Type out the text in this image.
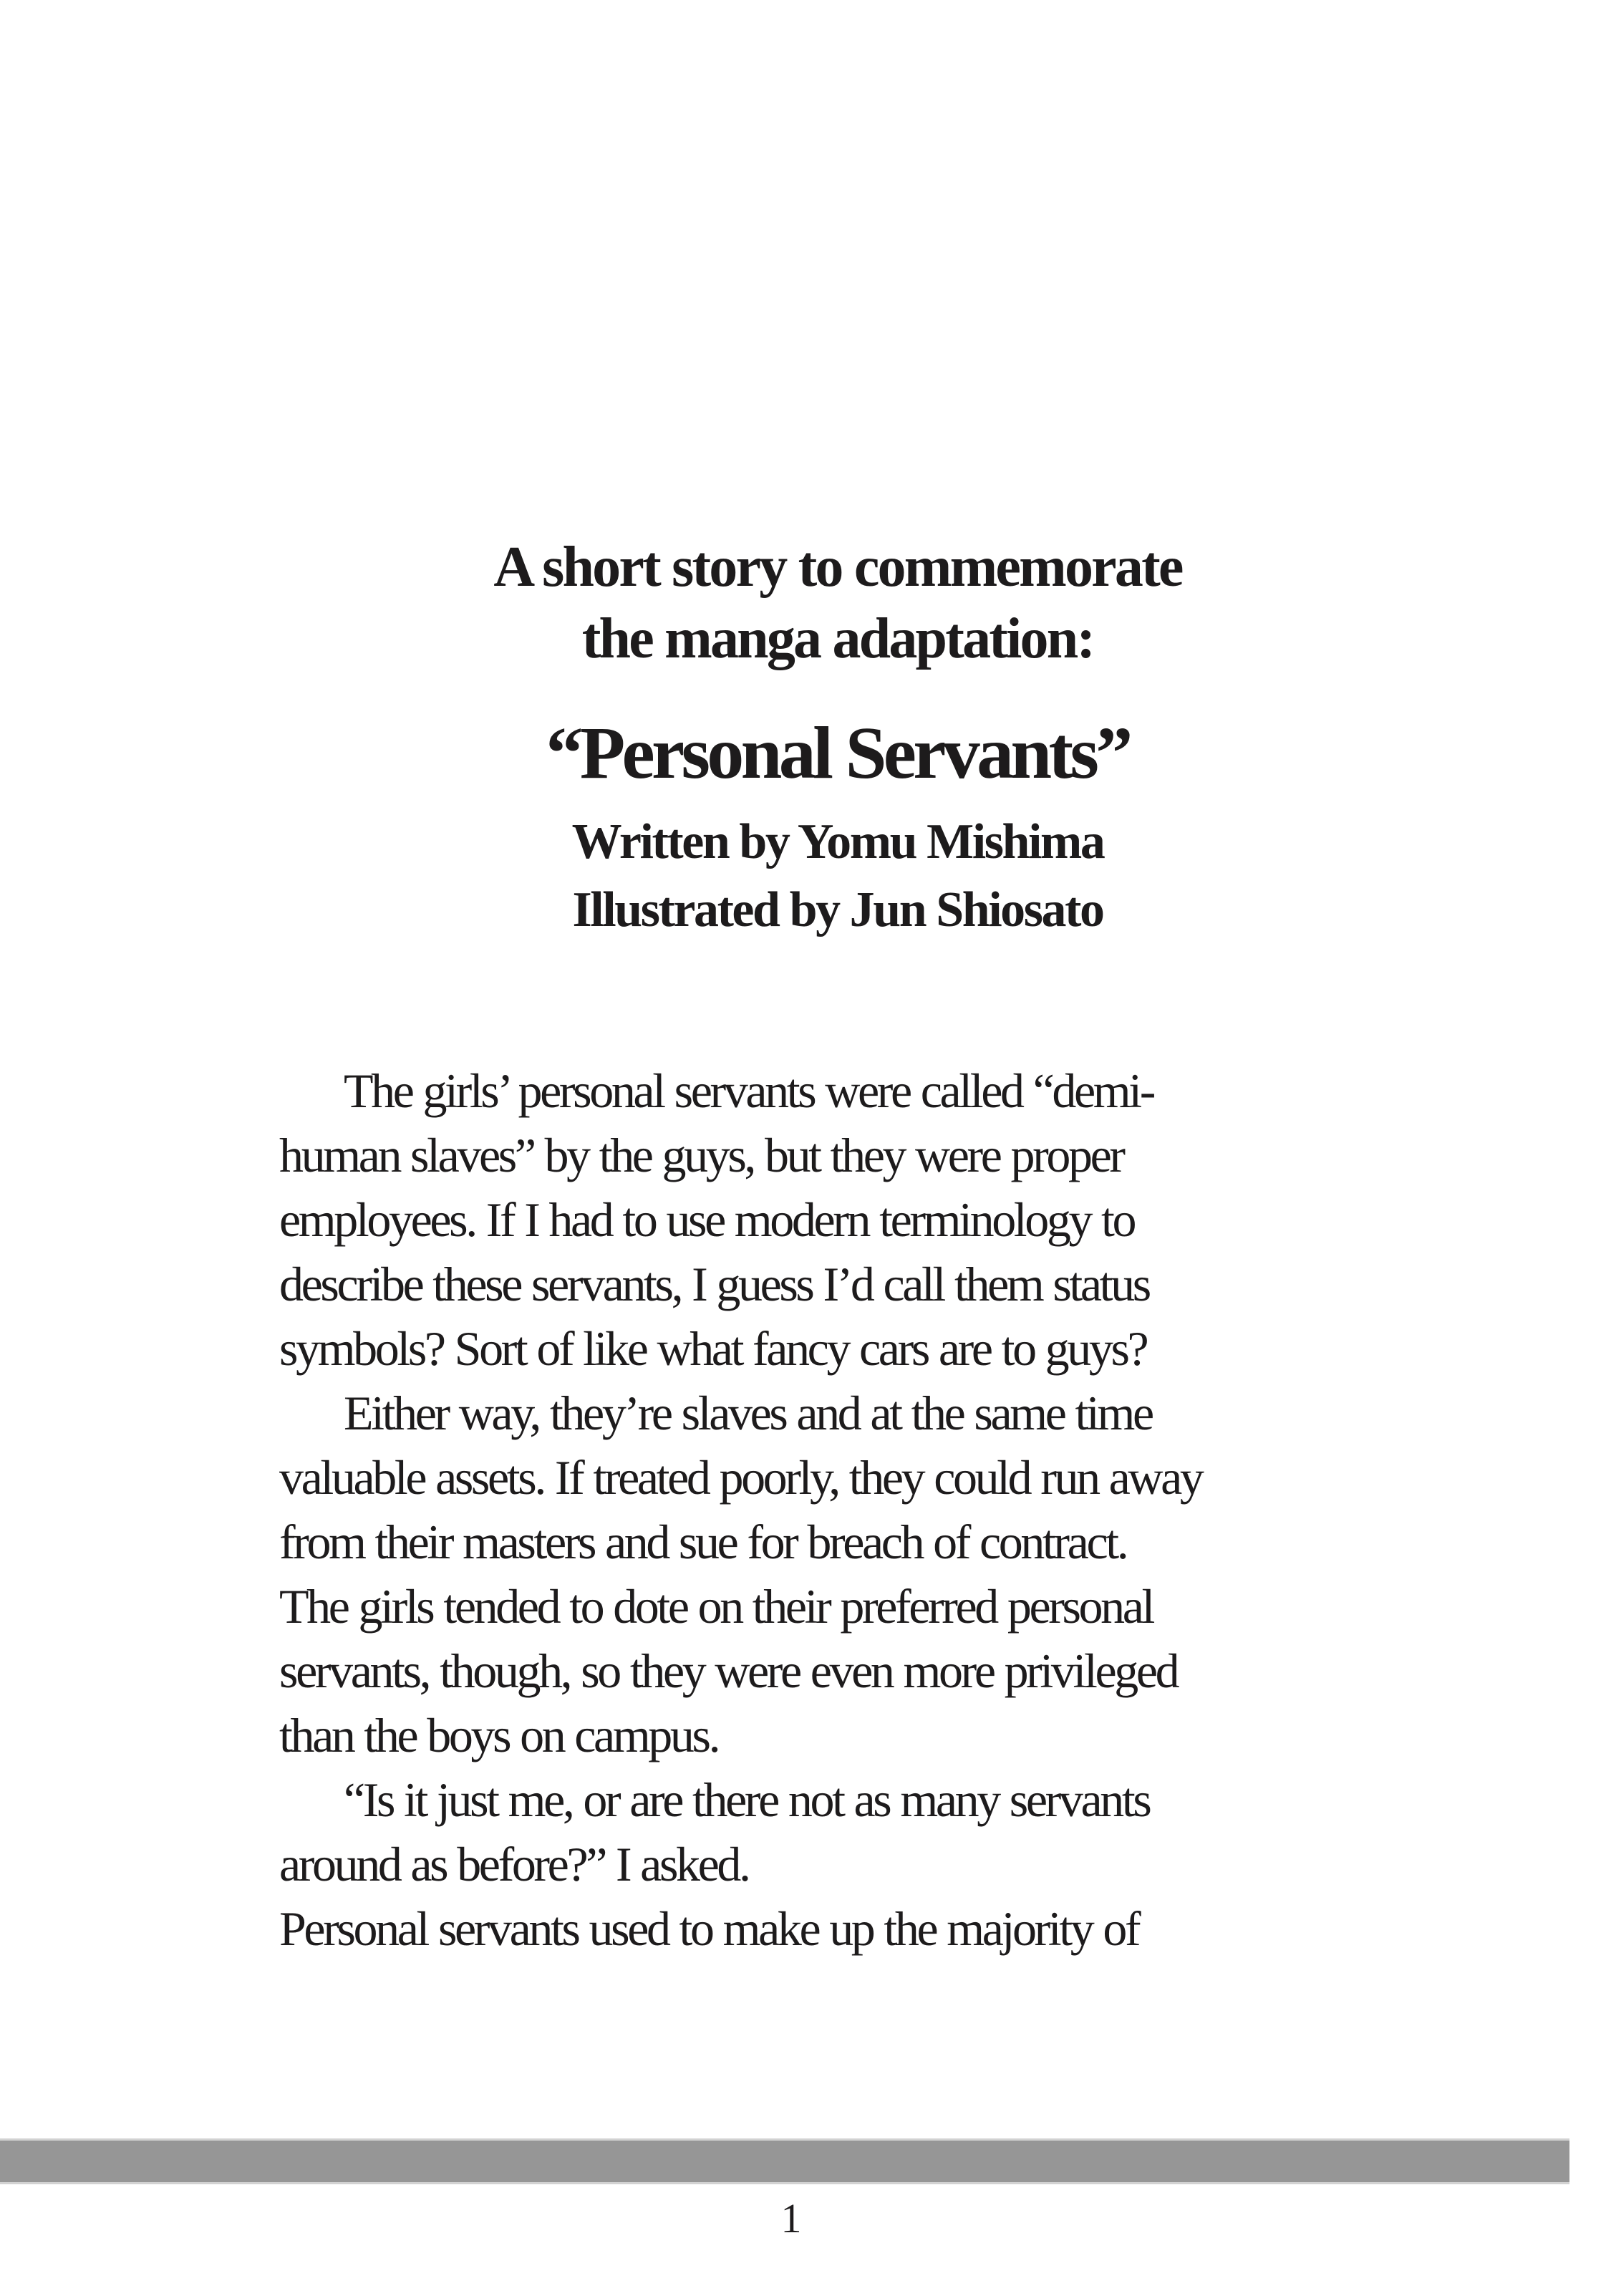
A short story to commemorate
the manga adaptation:
“Personal Servants”
Written by Yomu Mishima
Illustrated by Jun Shiosato
The girls’ personal servants were called “demi-
human slaves” by the guys, but they were proper
employees. If I had to use modern terminology to
describe these servants, I guess I’d call them status
symbols? Sort of like what fancy cars are to guys?
Either way, they’re slaves and at the same time
valuable assets. If treated poorly, they could run away
from their masters and sue for breach of contract.
The girls tended to dote on their preferred personal
servants, though, so they were even more privileged
than the boys on campus.
“Is it just me, or are there not as many servants
around as before?” I asked.
Personal servants used to make up the majority of
1
